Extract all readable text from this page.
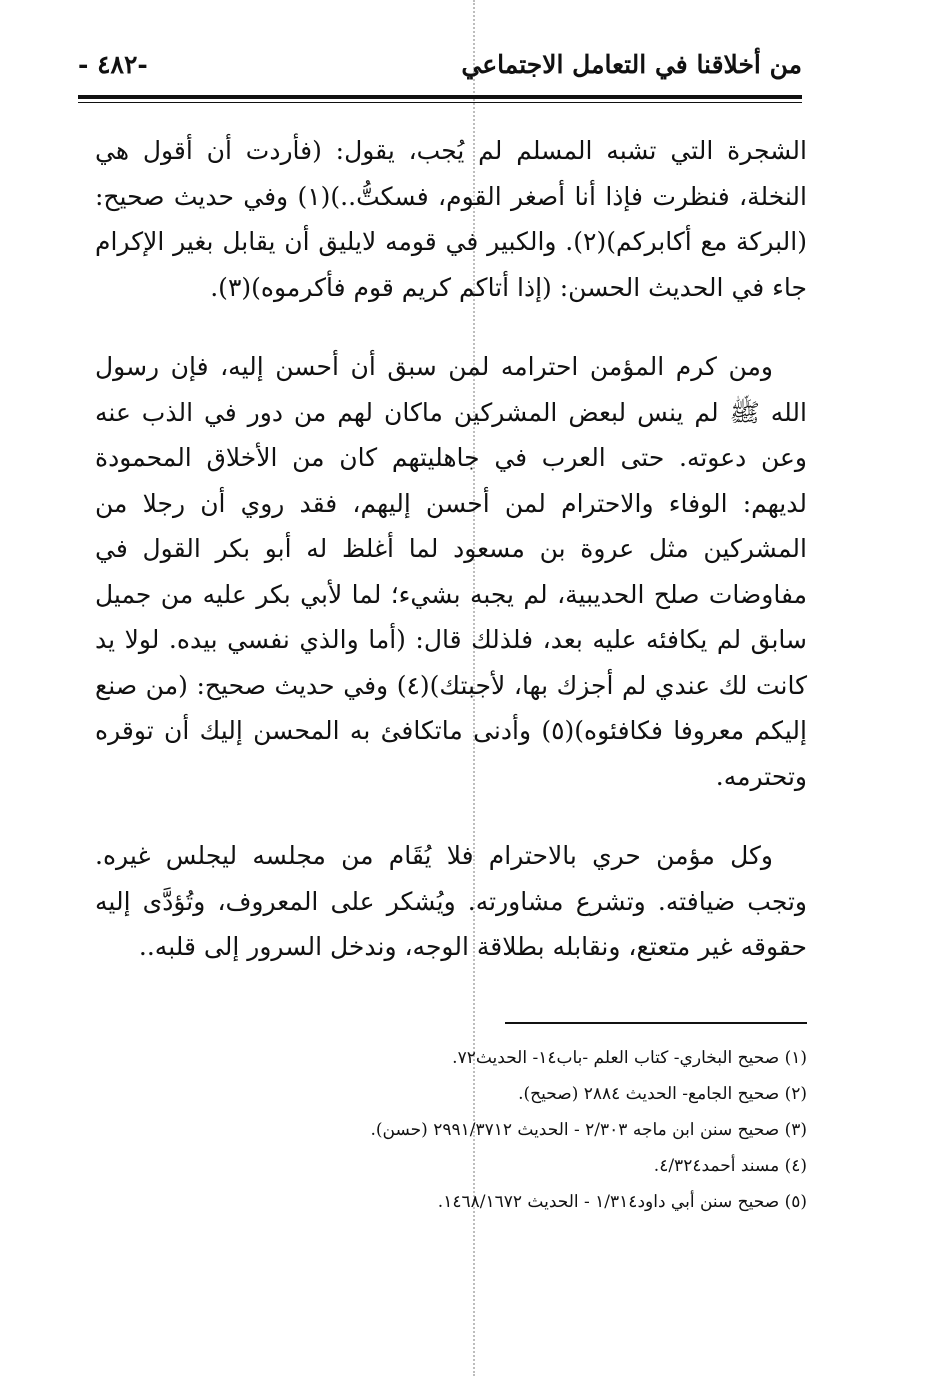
من أخلاقنا في التعامل الاجتماعي
-٤٨٢ -

الشجرة التي تشبه المسلم لم يُجب، يقول: (فأردت أن أقول هي النخلة، فنظرت فإذا أنا أصغر القوم، فسكتُّ..)(١) وفي حديث صحيح: (البركة مع أكابركم)(٢). والكبير في قومه لايليق أن يقابل بغير الإكرام جاء في الحديث الحسن: (إذا أتاكم كريم قوم فأكرموه)(٣).

ومن كرم المؤمن احترامه لمن سبق أن أحسن إليه، فإن رسول الله ﷺ لم ينس لبعض المشركين ماكان لهم من دور في الذب عنه وعن دعوته. حتى العرب في جاهليتهم كان من الأخلاق المحمودة لديهم: الوفاء والاحترام لمن أحسن إليهم، فقد روي أن رجلا من المشركين مثل عروة بن مسعود لما أغلظ له أبو بكر القول في مفاوضات صلح الحديبية، لم يجبه بشيء؛ لما لأبي بكر عليه من جميل سابق لم يكافئه عليه بعد، فلذلك قال: (أما والذي نفسي بيده. لولا يد كانت لك عندي لم أجزك بها، لأجبتك)(٤) وفي حديث صحيح: (من صنع إليكم معروفا فكافئوه)(٥) وأدنى ماتكافئ به المحسن إليك أن توقره وتحترمه.

وكل مؤمن حري بالاحترام فلا يُقَام من مجلسه ليجلس غيره. وتجب ضيافته. وتشرع مشاورته. ويُشكر على المعروف، وتُؤدَّى إليه حقوقه غير متعتع، ونقابله بطلاقة الوجه، وندخل السرور إلى قلبه..

(١) صحيح البخاري- كتاب العلم -باب١٤- الحديث٧٢.
(٢) صحيح الجامع- الحديث ٢٨٨٤ (صحيح).
(٣) صحيح سنن ابن ماجه ٢/٣٠٣ - الحديث ٢٩٩١/٣٧١٢ (حسن).
(٤) مسند أحمد٤/٣٢٤.
(٥) صحيح سنن أبي داود١/٣١٤ - الحديث ١٤٦٨/١٦٧٢.
